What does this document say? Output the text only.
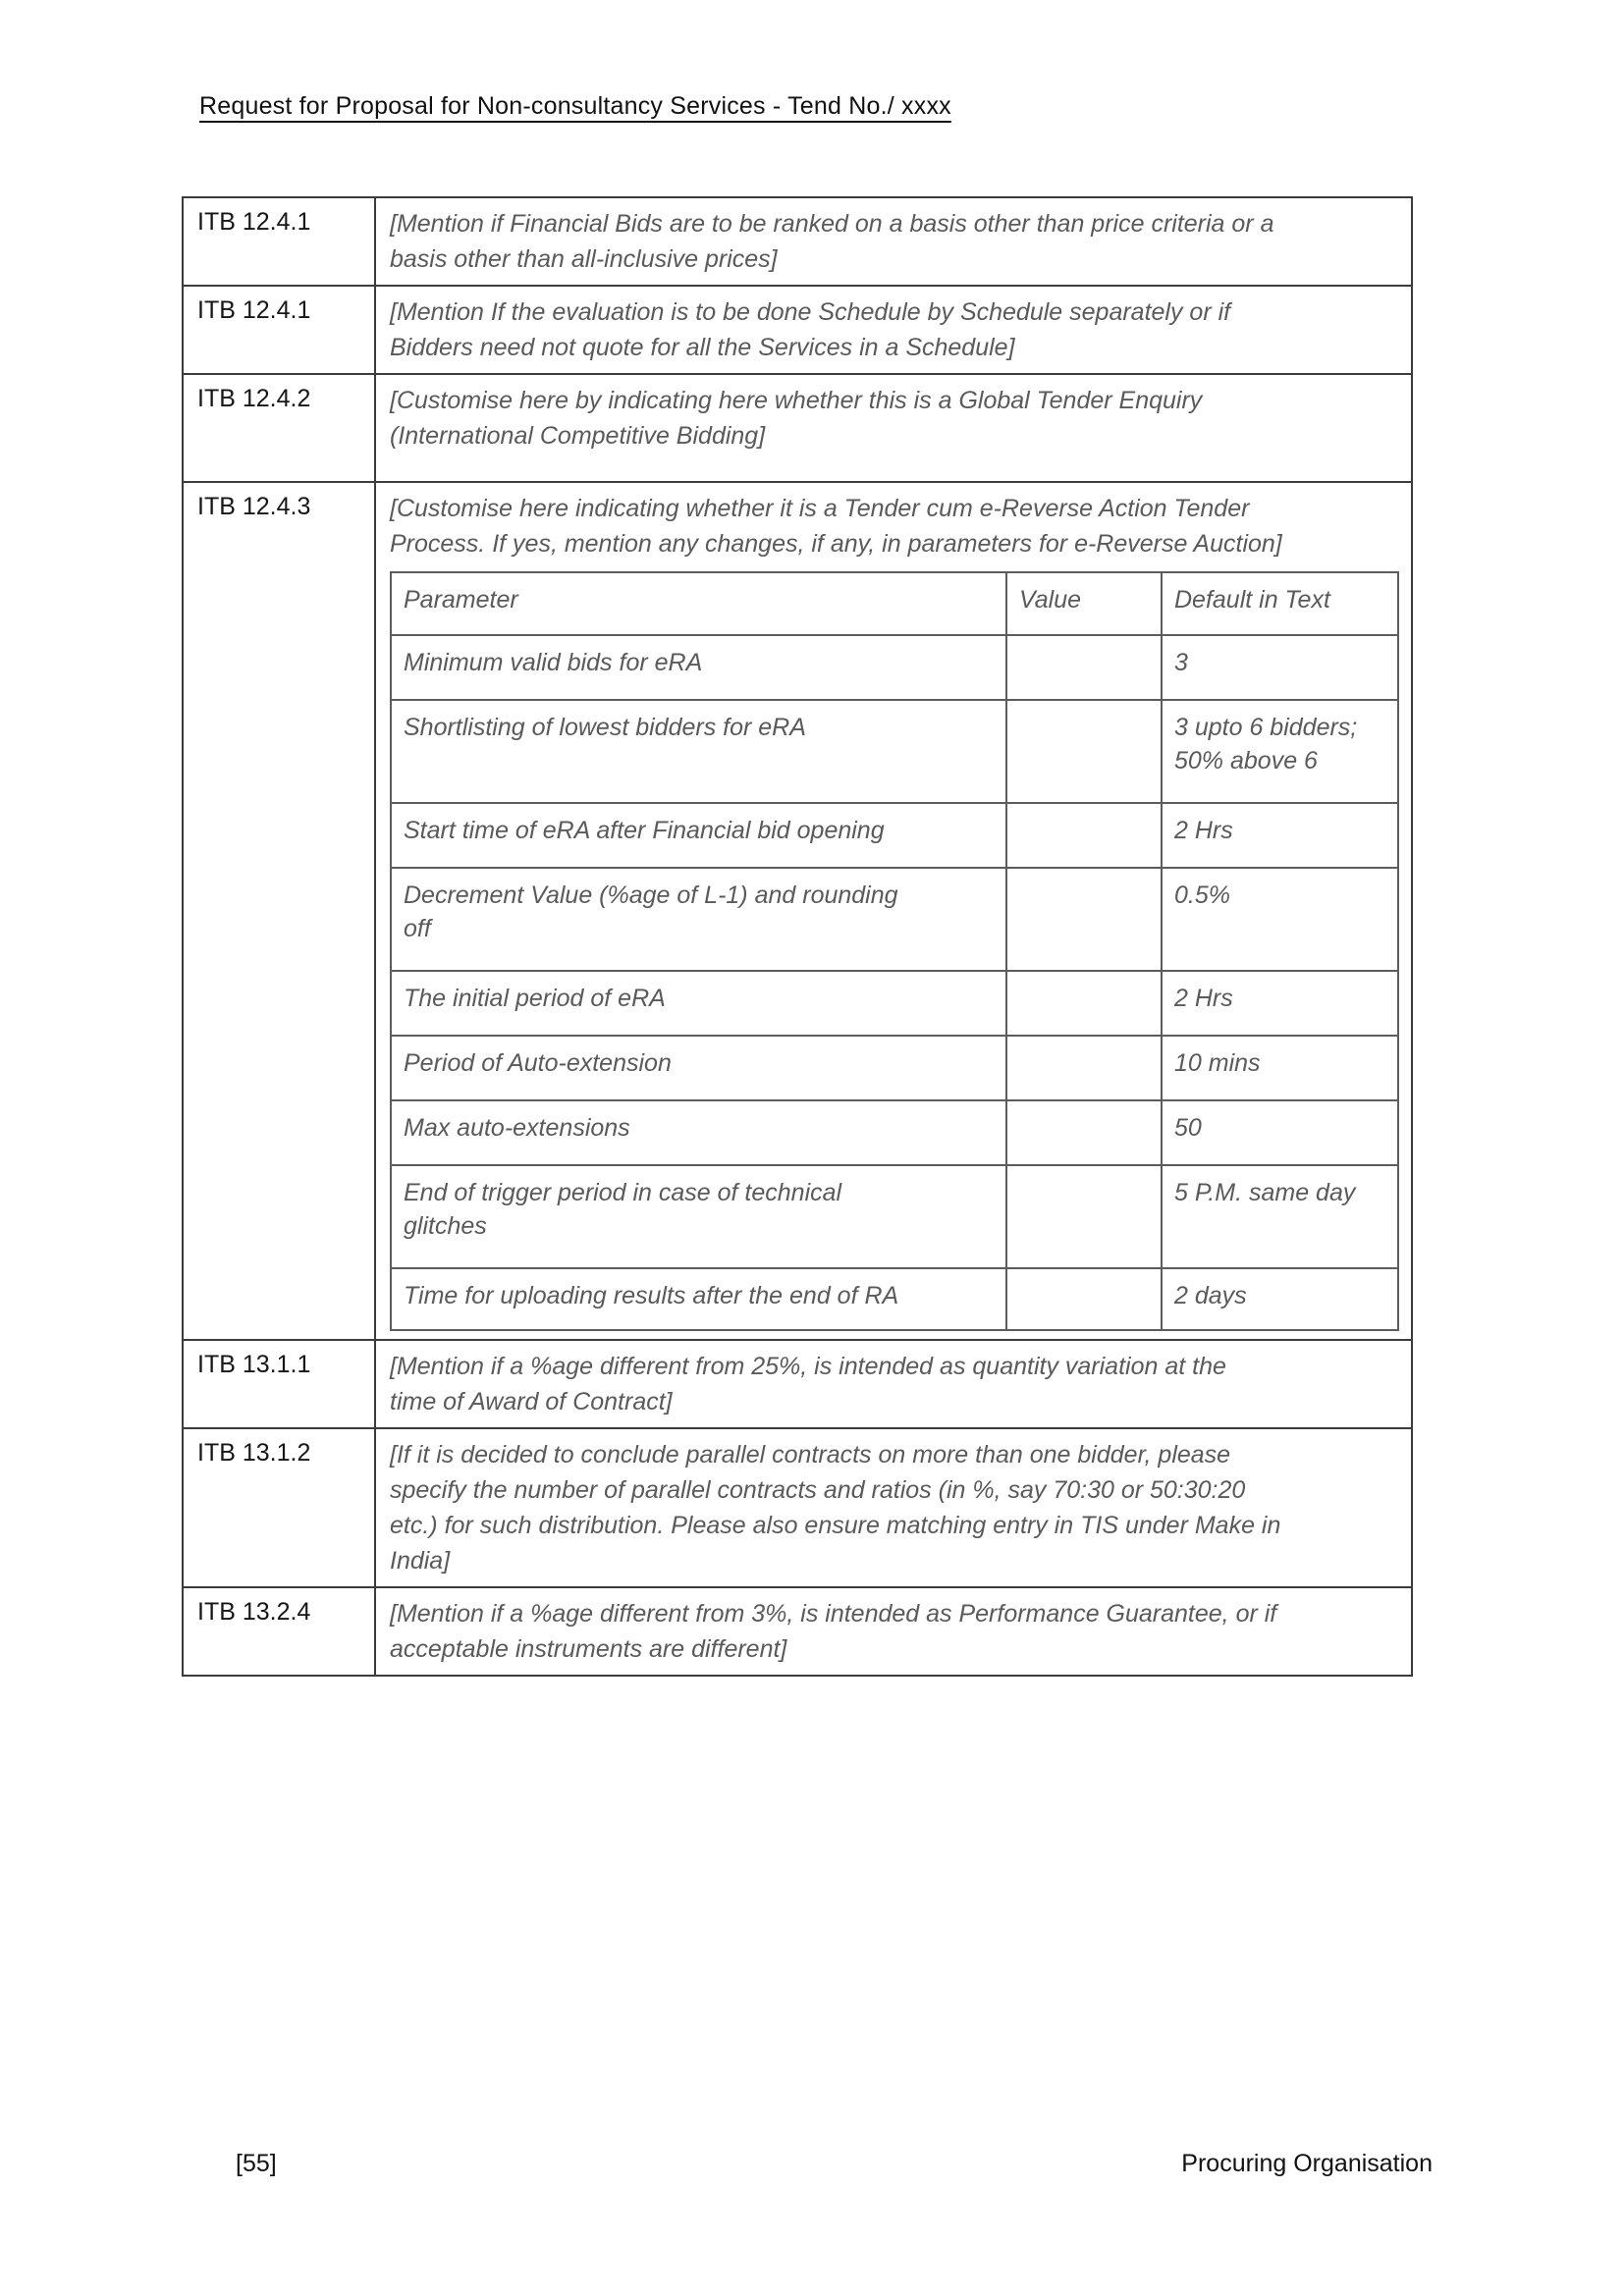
Request for Proposal for Non-consultancy Services - Tend No./ xxxx
ITB 12.4.1	[Mention if Financial Bids are to be ranked on a basis other than price criteria or a
basis other than all-inclusive prices]

ITB 12.4.1	[Mention If the evaluation is to be done Schedule by Schedule separately or if
Bidders need not quote for all the Services in a Schedule]

ITB 12.4.2	[Customise here by indicating here whether this is a Global Tender Enquiry
(International Competitive Bidding]

ITB 12.4.3	[Customise here indicating whether it is a Tender cum e-Reverse Action Tender
Process. If yes, mention any changes, if any, in parameters for e-Reverse Auction]
Parameter	Value	Default in Text
Minimum valid bids for eRA		3
Shortlisting of lowest bidders for eRA		3 upto 6 bidders;
50% above 6
Start time of eRA after Financial bid opening		2 Hrs
Decrement Value (%age of L-1) and rounding
off		0.5%
The initial period of eRA		2 Hrs
Period of Auto-extension		10 mins
Max auto-extensions		50
End of trigger period in case of technical
glitches		5 P.M. same day
Time for uploading results after the end of RA		2 days

ITB 13.1.1	[Mention if a %age different from 25%, is intended as quantity variation at the
time of Award of Contract]

ITB 13.1.2	[If it is decided to conclude parallel contracts on more than one bidder, please
specify the number of parallel contracts and ratios (in %, say 70:30 or 50:30:20
etc.) for such distribution. Please also ensure matching entry in TIS under Make in
India]

ITB 13.2.4	[Mention if a %age different from 3%, is intended as Performance Guarantee, or if
acceptable instruments are different]
[55]	Procuring Organisation
